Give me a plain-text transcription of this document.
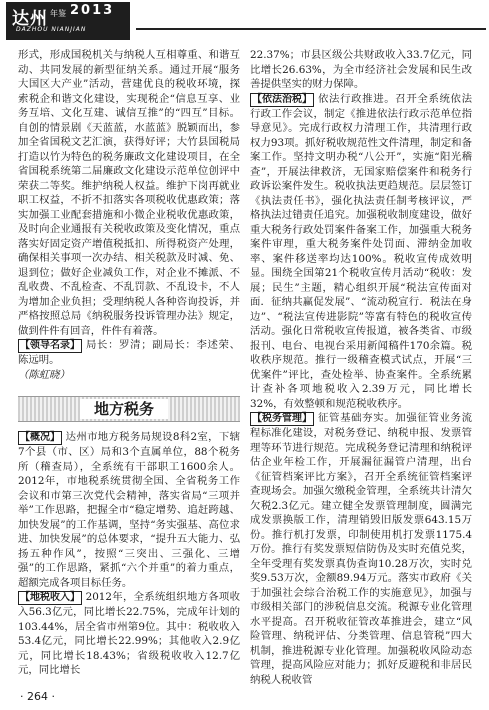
达州 年鉴 2013
DAZHOU NIANJIAN

形式，形成国税机关与纳税人互相尊重、和谐互动、共同发展的新型征纳关系。通过开展“服务大国区大产业”活动，营建优良的税收环境，探索税企和谐文化建设，实现税企“信息互享、业务互培、文化互建、诚信互推”的“四互”目标。自创的情景剧《天蓝蓝，水蓝蓝》脱颖而出，参加全省国税文艺汇演，获得好评；大竹县国税局打造以竹为特色的税务廉政文化建设项目，在全省国税系统第二届廉政文化建设示范单位创评中荣获二等奖。维护纳税人权益。维护下岗再就业职工权益，不折不扣落实各项税收优惠政策；落实加强工业配套措施和小微企业税收优惠政策，及时向企业通报有关税收政策及变化情况，重点落实好固定资产增值税抵扣、所得税资产处理，确保相关事项一次办结、相关税款及时减、免、退到位；做好企业减负工作，对企业不摊派、不乱收费、不乱检查、不乱罚款、不乱设卡，不人为增加企业负担；受理纳税人各种咨询投诉，并严格按照总局《纳税服务投诉管理办法》规定，做到件件有回音，件件有着落。

【领导名录】 局长：罗清；副局长：李述荣、陈远明。

（陈虹晓）

地方税务

【概况】 达州市地方税务局规设8科2室，下辖7个县（市、区）局和3个直属单位，88个税务所（稽查局），全系统有干部职工1600余人。2012年，市地税系统贯彻全国、全省税务工作会议和市第三次党代会精神，落实省局“三项并举”工作思路，把握全市“稳定增势、追赶跨越、加快发展”的工作基调，坚持“务实强基、高位求进、加快发展”的总体要求，“提升五大能力、弘扬五种作风”，按照“三突出、三强化、三增强”的工作思路，紧抓“六个并重”的着力重点，超额完成各项目标任务。

【地税收入】 2012年，全系统组织地方各项收入56.3亿元，同比增长22.75%，完成年计划的103.44%，居全省市州第9位。其中：税收收入53.4亿元，同比增长22.99%；其他收入2.9亿元，同比增长18.43%；省级税收收入12.7亿元，同比增长

22.37%；市县区级公共财政收入33.7亿元，同比增长26.63%，为全市经济社会发展和民生改善提供坚实的财力保障。

【依法治税】 依法行政推进。召开全系统依法行政工作会议，制定《推进依法行政示范单位指导意见》。完成行政权力清理工作，共清理行政权力93项。抓好税收规范性文件清理，制定和备案工作。坚持文明办税“八公开”，实施“阳光稽查”，开展法律救济，无国家赔偿案件和税务行政诉讼案件发生。税收执法更趋规范。层层签订《执法责任书》，强化执法责任制考核评议，严格执法过错责任追究。加强税收制度建设，做好重大税务行政处罚案件备案工作，加强重大税务案件审理，重大税务案件处罚面、滞纳金加收率、案件移送率均达100%。税收宣传成效明显。围绕全国第21个税收宣传月活动“税收：发展；民生”主题，精心组织开展“税法宣传面对面．征纳共赢促发展”、“流动税宣行．税法在身边”、“税法宣传进影院”等富有特色的税收宣传活动。强化日常税收宣传报道，被各类省、市级报刊、电台、电视台采用新闻稿件170余篇。税收秩序规范。推行一级稽查模式试点，开展“三优案件”评比，查处检举、协查案件。全系统累计查补各项地税收入2.39万元，同比增长32%，有效整顿和规范税收秩序。

【税务管理】 征管基础夯实。加强征管业务流程标准化建设，对税务登记、纳税申报、发票管理等环节进行规范。完成税务登记清理和纳税评估企业年检工作，开展漏征漏管户清理，出台《征管档案评比方案》，召开全系统征管档案评查现场会。加强欠缴税金管理，全系统共计清欠欠税2.3亿元。建立健全发票管理制度，圆满完成发票换版工作，清理销毁旧版发票643.15万份。推行机打发票，印制使用机打发票1175.4万份。推行有奖发票短信防伪及实时充值兑奖，全年受理有奖发票真伪查询10.28万次，实时兑奖9.53万次，金额89.94万元。落实市政府《关于加强社会综合治税工作的实施意见》，加强与市级相关部门的涉税信息交流。税源专业化管理水平提高。召开税收征管改革推进会，建立“风险管理、纳税评估、分类管理、信息管税”四大机制，推进税源专业化管理。加强税收风险动态管理，提高风险应对能力；抓好反避税和非居民纳税人税收管

· 264 ·
